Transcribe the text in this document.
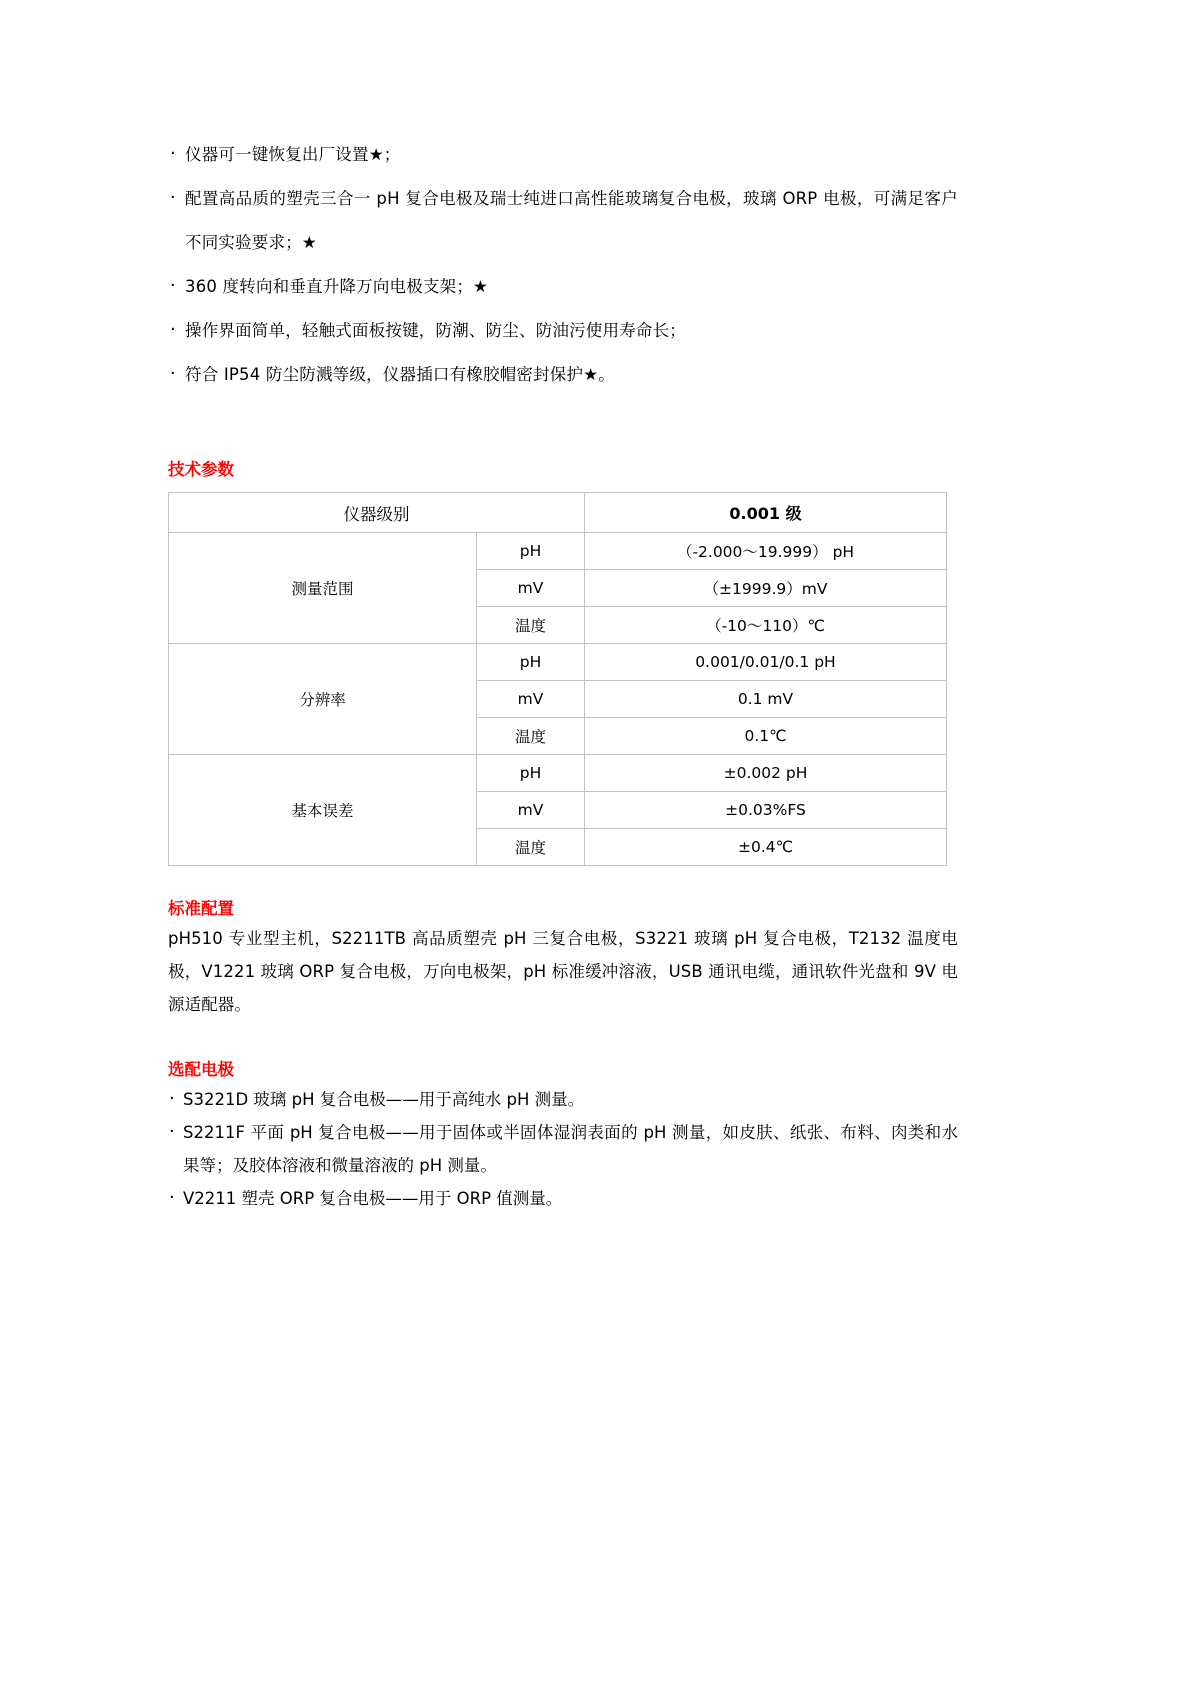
· 仪器可一键恢复出厂设置★；
· 配置高品质的塑壳三合一 pH 复合电极及瑞士纯进口高性能玻璃复合电极，玻璃 ORP 电极，可满足客户不同实验要求；★
· 360 度转向和垂直升降万向电极支架；★
· 操作界面简单，轻触式面板按键，防潮、防尘、防油污使用寿命长；
· 符合 IP54 防尘防溅等级，仪器插口有橡胶帽密封保护★。
技术参数
仪器级别		0.001 级
测量范围	pH	（-2.000～19.999） pH
	mV	（±1999.9）mV
	温度	（-10～110）℃
分辨率	pH	0.001/0.01/0.1 pH
	mV	0.1 mV
	温度	0.1℃
基本误差	pH	±0.002 pH
	mV	±0.03%FS
	温度	±0.4℃
标准配置

pH510 专业型主机，S2211TB 高品质塑壳 pH 三复合电极，S3221 玻璃 pH 复合电极，T2132 温度电极，V1221 玻璃 ORP 复合电极，万向电极架，pH 标准缓冲溶液，USB 通讯电缆，通讯软件光盘和 9V 电源适配器。

选配电极
· S3221D 玻璃 pH 复合电极——用于高纯水 pH 测量。
· S2211F 平面 pH 复合电极——用于固体或半固体湿润表面的 pH 测量，如皮肤、纸张、布料、肉类和水果等；及胶体溶液和微量溶液的 pH 测量。
· V2211 塑壳 ORP 复合电极——用于 ORP 值测量。
